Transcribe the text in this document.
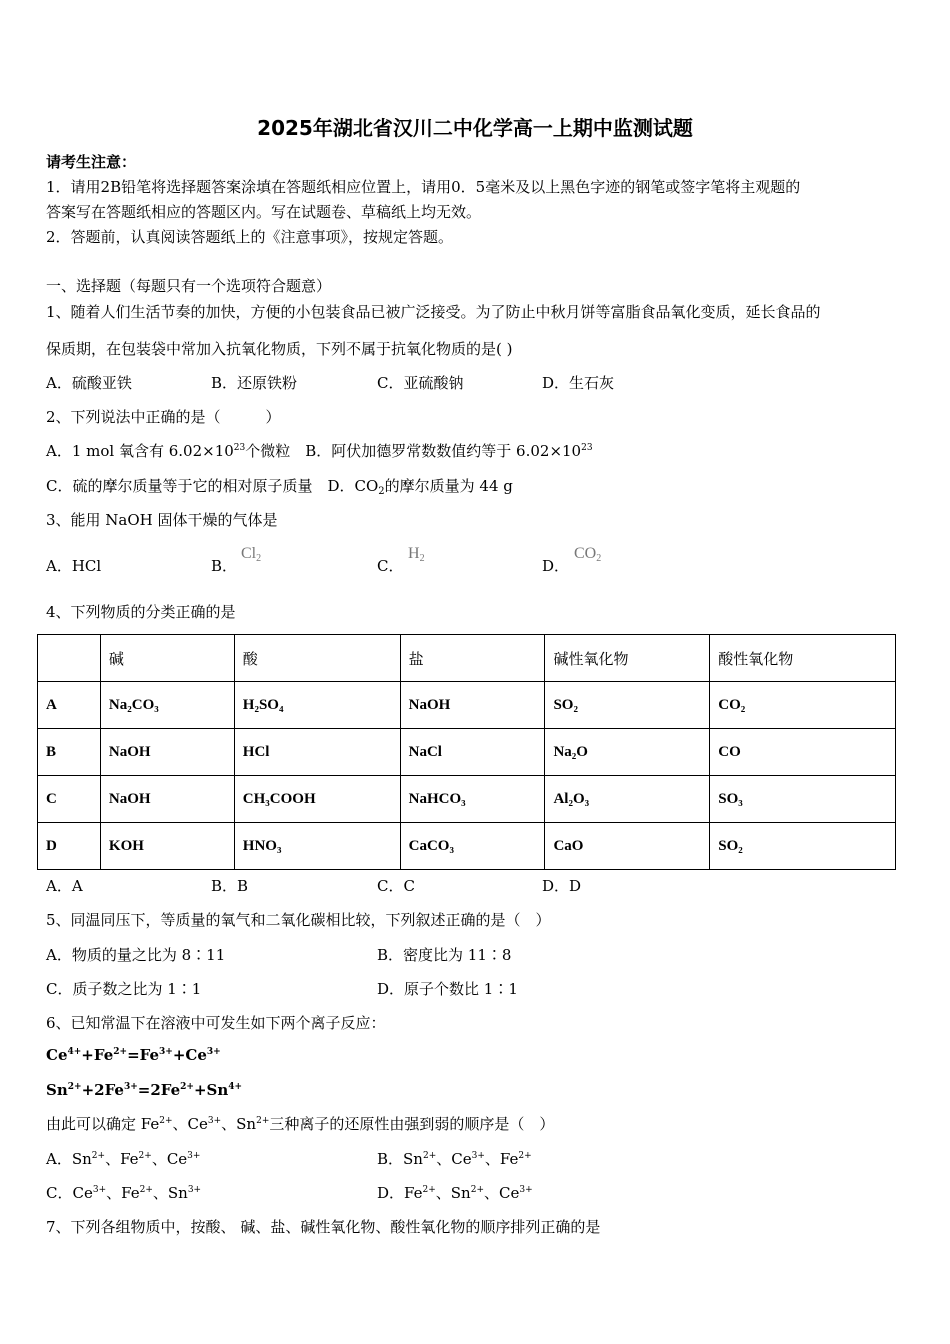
2025年湖北省汉川二中化学高一上期中监测试题
请考生注意：
1．请用2B铅笔将选择题答案涂填在答题纸相应位置上，请用0．5毫米及以上黑色字迹的钢笔或签字笔将主观题的
答案写在答题纸相应的答题区内。写在试题卷、草稿纸上均无效。
2．答题前，认真阅读答题纸上的《注意事项》，按规定答题。
一、选择题（每题只有一个选项符合题意）
1、随着人们生活节奏的加快，方便的小包装食品已被广泛接受。为了防止中秋月饼等富脂食品氧化变质，延长食品的
保质期，在包装袋中常加入抗氧化物质，下列不属于抗氧化物质的是( )
A．硫酸亚铁	B．还原铁粉	C．亚硫酸钠	D．生石灰
2、下列说法中正确的是（　　　）
A．1 mol 氧含有 $6.02\times 10^{23}$个微粒　B．阿伏加德罗常数数值约等于 $6.02\times 10^{23}$
C．硫的摩尔质量等于它的相对原子质量　D．$CO_2$的摩尔质量为 44 g
3、能用 NaOH 固体干燥的气体是
A．HCl	B．
$Cl_2$	C．
$H_2$	D．
$CO_2$
4、下列物质的分类正确的是
	碱	酸	盐	碱性氧化物	酸性氧化物
A	Na₂CO₃	H₂SO₄	NaOH	SO₂	CO₂
B	NaOH	HCl	NaCl	Na₂O	CO
C	NaOH	CH₃COOH	NaHCO₃	Al₂O₃	SO₃
D	KOH	HNO₃	CaCO₃	CaO	SO₂
A．A	B．B	C．C	D．D
5、同温同压下，等质量的氧气和二氧化碳相比较，下列叙述正确的是（　）
A．物质的量之比为 8∶11	B．密度比为 11∶8
C．质子数之比为 1∶1	D．原子个数比 1∶1
6、已知常温下在溶液中可发生如下两个离子反应：
$Ce^{4+}+Fe^{2+}=Fe^{3+}+Ce^{3+}$
$Sn^{2+}+2Fe^{3+}=2Fe^{2+}+Sn^{4+}$
由此可以确定 $Fe^{2+}$、$Ce^{3+}$、$Sn^{2+}$三种离子的还原性由强到弱的顺序是（　）
A．$Sn^{2+}$、$Fe^{2+}$、$Ce^{3+}$	B．$Sn^{2+}$、$Ce^{3+}$、$Fe^{2+}$
C．$Ce^{3+}$、$Fe^{2+}$、$Sn^{3+}$	D．$Fe^{2+}$、$Sn^{2+}$、$Ce^{3+}$
7、下列各组物质中，按酸、 碱、盐、碱性氧化物、酸性氧化物的顺序排列正确的是
